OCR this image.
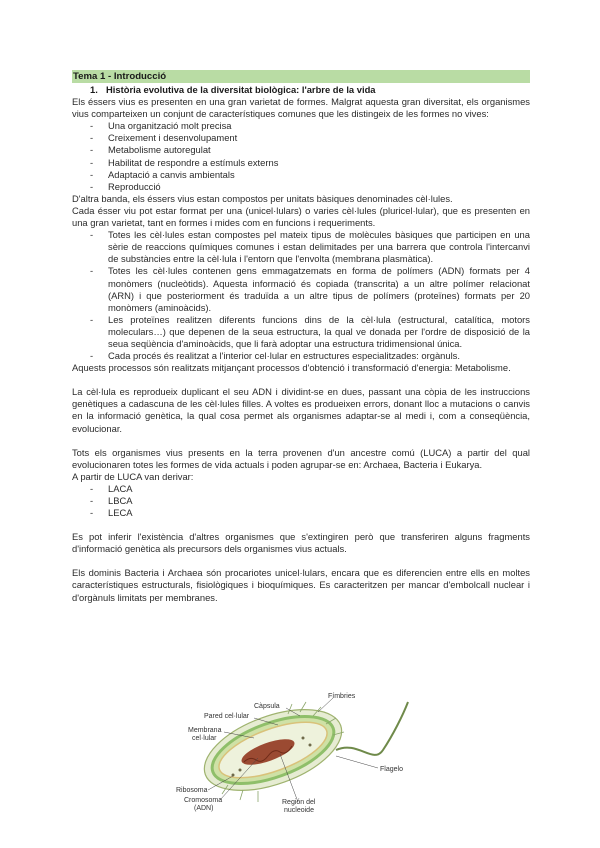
Tema 1 - Introducció
1. Història evolutiva de la diversitat biològica: l'arbre de la vida

Els éssers vius es presenten en una gran varietat de formes. Malgrat aquesta gran diversitat, els organismes vius comparteixen un conjunt de característiques comunes que les distingeix de les formes no vives:

- Una organització molt precisa
- Creixement i desenvolupament
- Metabolisme autoregulat
- Habilitat de respondre a estímuls externs
- Adaptació a canvis ambientals
- Reproducció

D'altra banda, els éssers vius estan compostos per unitats bàsiques denominades cèl·lules.

Cada ésser viu pot estar format per una (unicel·lulars) o varies cèl·lules (pluricel·lular), que es presenten en una gran varietat, tant en formes i mides com en funcions i requeriments.

- Totes les cèl·lules estan compostes pel mateix tipus de molècules bàsiques que participen en una sèrie de reaccions químiques comunes i estan delimitades per una barrera que controla l'intercanvi de substàncies entre la cèl·lula i l'entorn que l'envolta (membrana plasmàtica).
- Totes les cèl·lules contenen gens emmagatzemats en forma de polímers (ADN) formats per 4 monòmers (nucleòtids). Aquesta informació és copiada (transcrita) a un altre polímer relacionat (ARN) i que posteriorment és traduïda a un altre tipus de polímers (proteïnes) formats per 20 monòmers (aminoàcids).
- Les proteïnes realitzen diferents funcions dins de la cèl·lula (estructural, catalítica, motors moleculars…) que depenen de la seua estructura, la qual ve donada per l'ordre de disposició de la seua seqüència d'aminoàcids, que li farà adoptar una estructura tridimensional única.
- Cada procés és realitzat a l'interior cel·lular en estructures especialitzades: orgànuls.

Aquests processos són realitzats mitjançant processos d'obtenció i transformació d'energia: Metabolisme.

La cèl·lula es reprodueix duplicant el seu ADN i dividint-se en dues, passant una còpia de les instruccions genètiques a cadascuna de les cèl·lules filles. A voltes es produeixen errors, donant lloc a mutacions o canvis en la informació genètica, la qual cosa permet als organismes adaptar-se al medi i, com a conseqüència, evolucionar.

Tots els organismes vius presents en la terra provenen d'un ancestre comú (LUCA) a partir del qual evolucionaren totes les formes de vida actuals i poden agrupar-se en: Archaea, Bacteria i Eukarya.

A partir de LUCA van derivar:

- LACA
- LBCA
- LECA

Es pot inferir l'existència d'altres organismes que s'extingiren però que transferiren alguns fragments d'informació genètica als precursors dels organismes vius actuals.

Els dominis Bacteria i Archaea són procariotes unicel·lulars, encara que es diferencien entre ells en moltes característiques estructurals, fisiològiques i bioquímiques. Es caracteritzen per mancar d'embolcall nuclear i d'orgànuls limitats per membranes.

Fímbries
Càpsula
Pared cel·lular
Membrana
cel·lular
Flagelo
Ribosoma
Cromosoma
(ADN)
Región del
nucleoide
